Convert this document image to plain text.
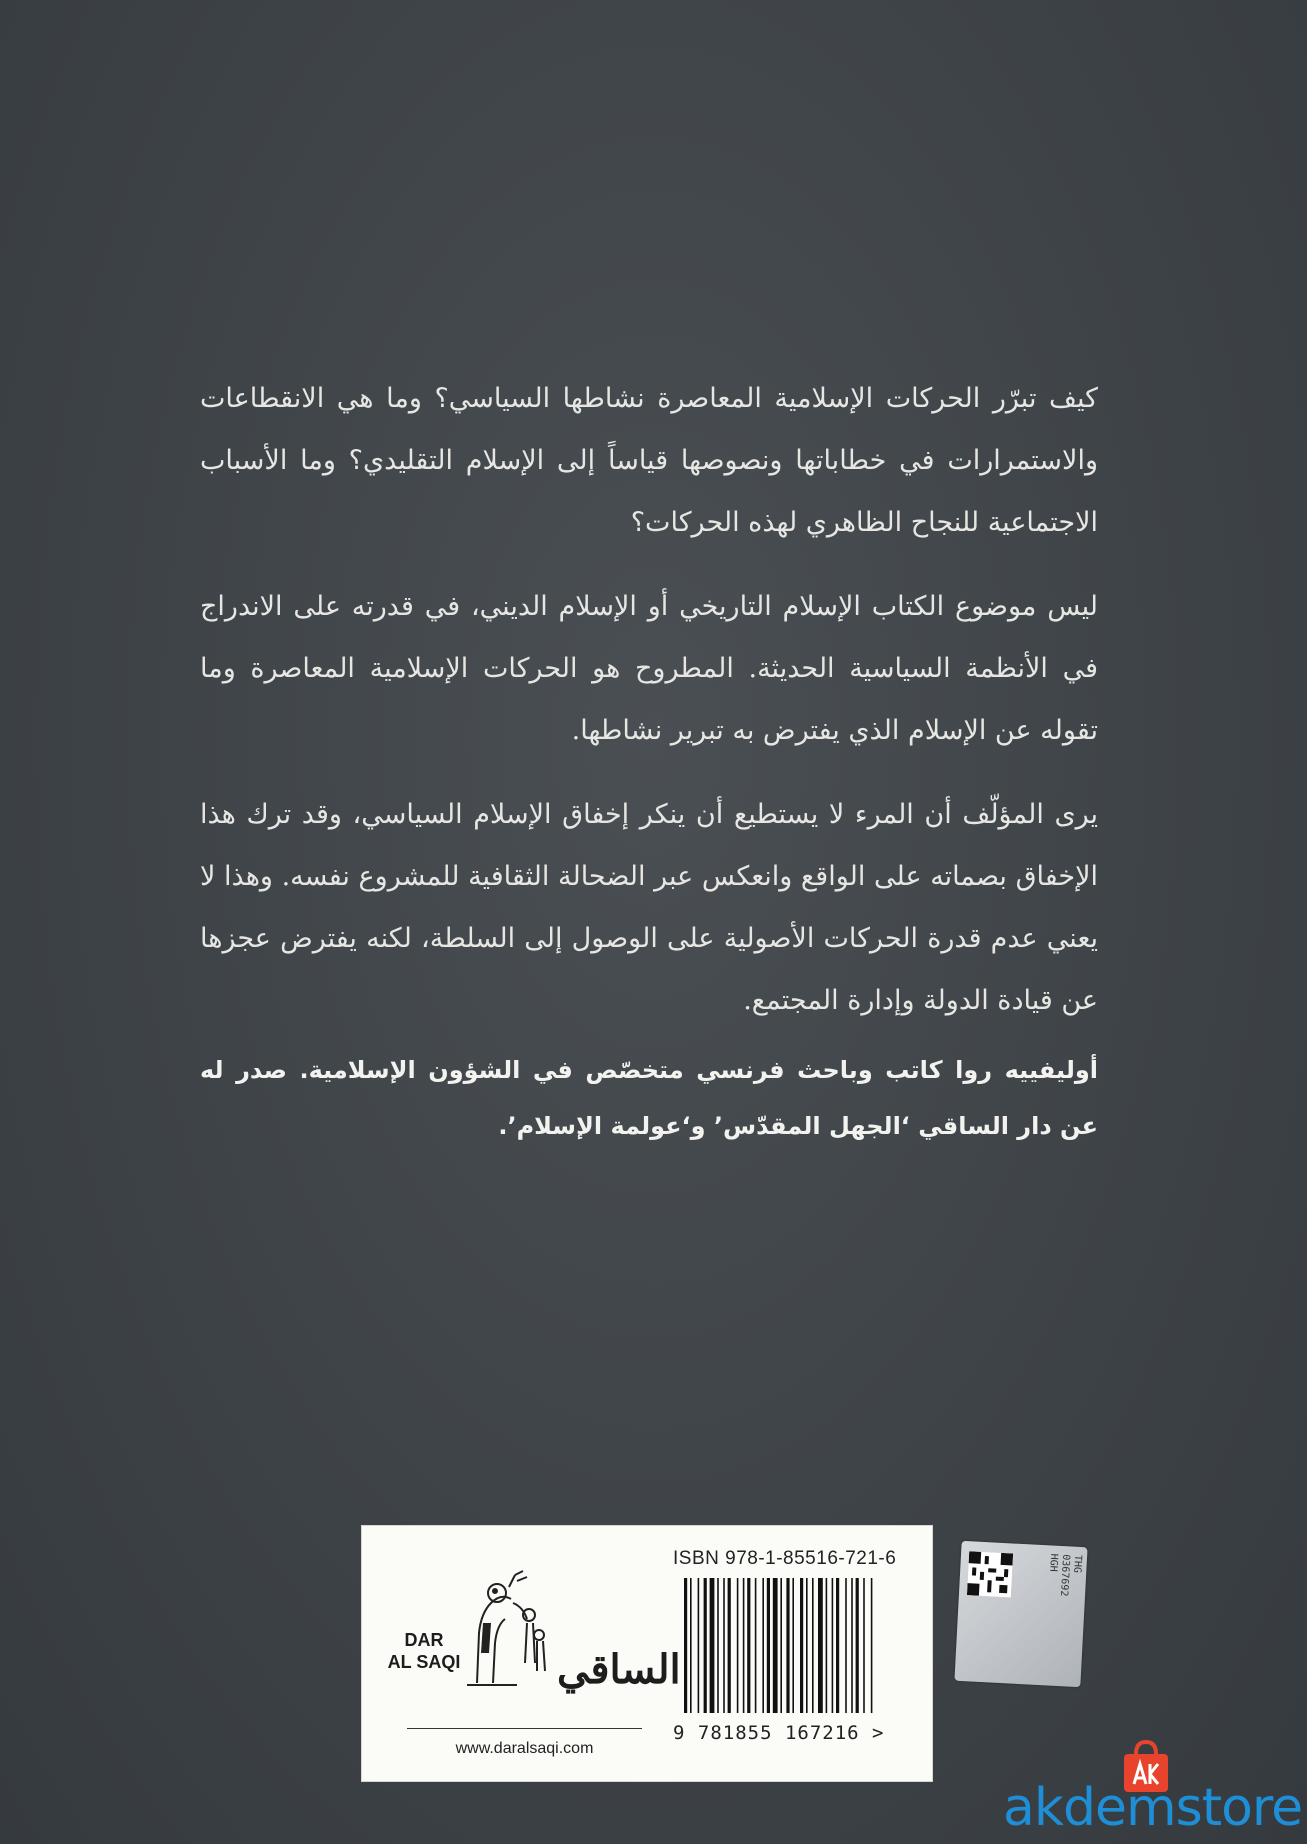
كيف تبرّر الحركات الإسلامية المعاصرة نشاطها السياسي؟ وما هي الانقطاعات والاستمرارات في خطاباتها ونصوصها قياساً إلى الإسلام التقليدي؟ وما الأسباب الاجتماعية للنجاح الظاهري لهذه الحركات؟

ليس موضوع الكتاب الإسلام التاريخي أو الإسلام الديني، في قدرته على الاندراج في الأنظمة السياسية الحديثة. المطروح هو الحركات الإسلامية المعاصرة وما تقوله عن الإسلام الذي يفترض به تبرير نشاطها.

يرى المؤلّف أن المرء لا يستطيع أن ينكر إخفاق الإسلام السياسي، وقد ترك هذا الإخفاق بصماته على الواقع وانعكس عبر الضحالة الثقافية للمشروع نفسه. وهذا لا يعني عدم قدرة الحركات الأصولية على الوصول إلى السلطة، لكنه يفترض عجزها عن قيادة الدولة وإدارة المجتمع.

أوليفييه روا كاتب وباحث فرنسي متخصّص في الشؤون الإسلامية. صدر له عن دار الساقي ‘الجهل المقدّس’ و‘عولمة الإسلام’.

DAR
AL SAQI	الساقي
www.daralsaqi.com
ISBN 978-1-85516-721-6
9 781855 167216 >
THG 0367692 HGH
akdemstore
